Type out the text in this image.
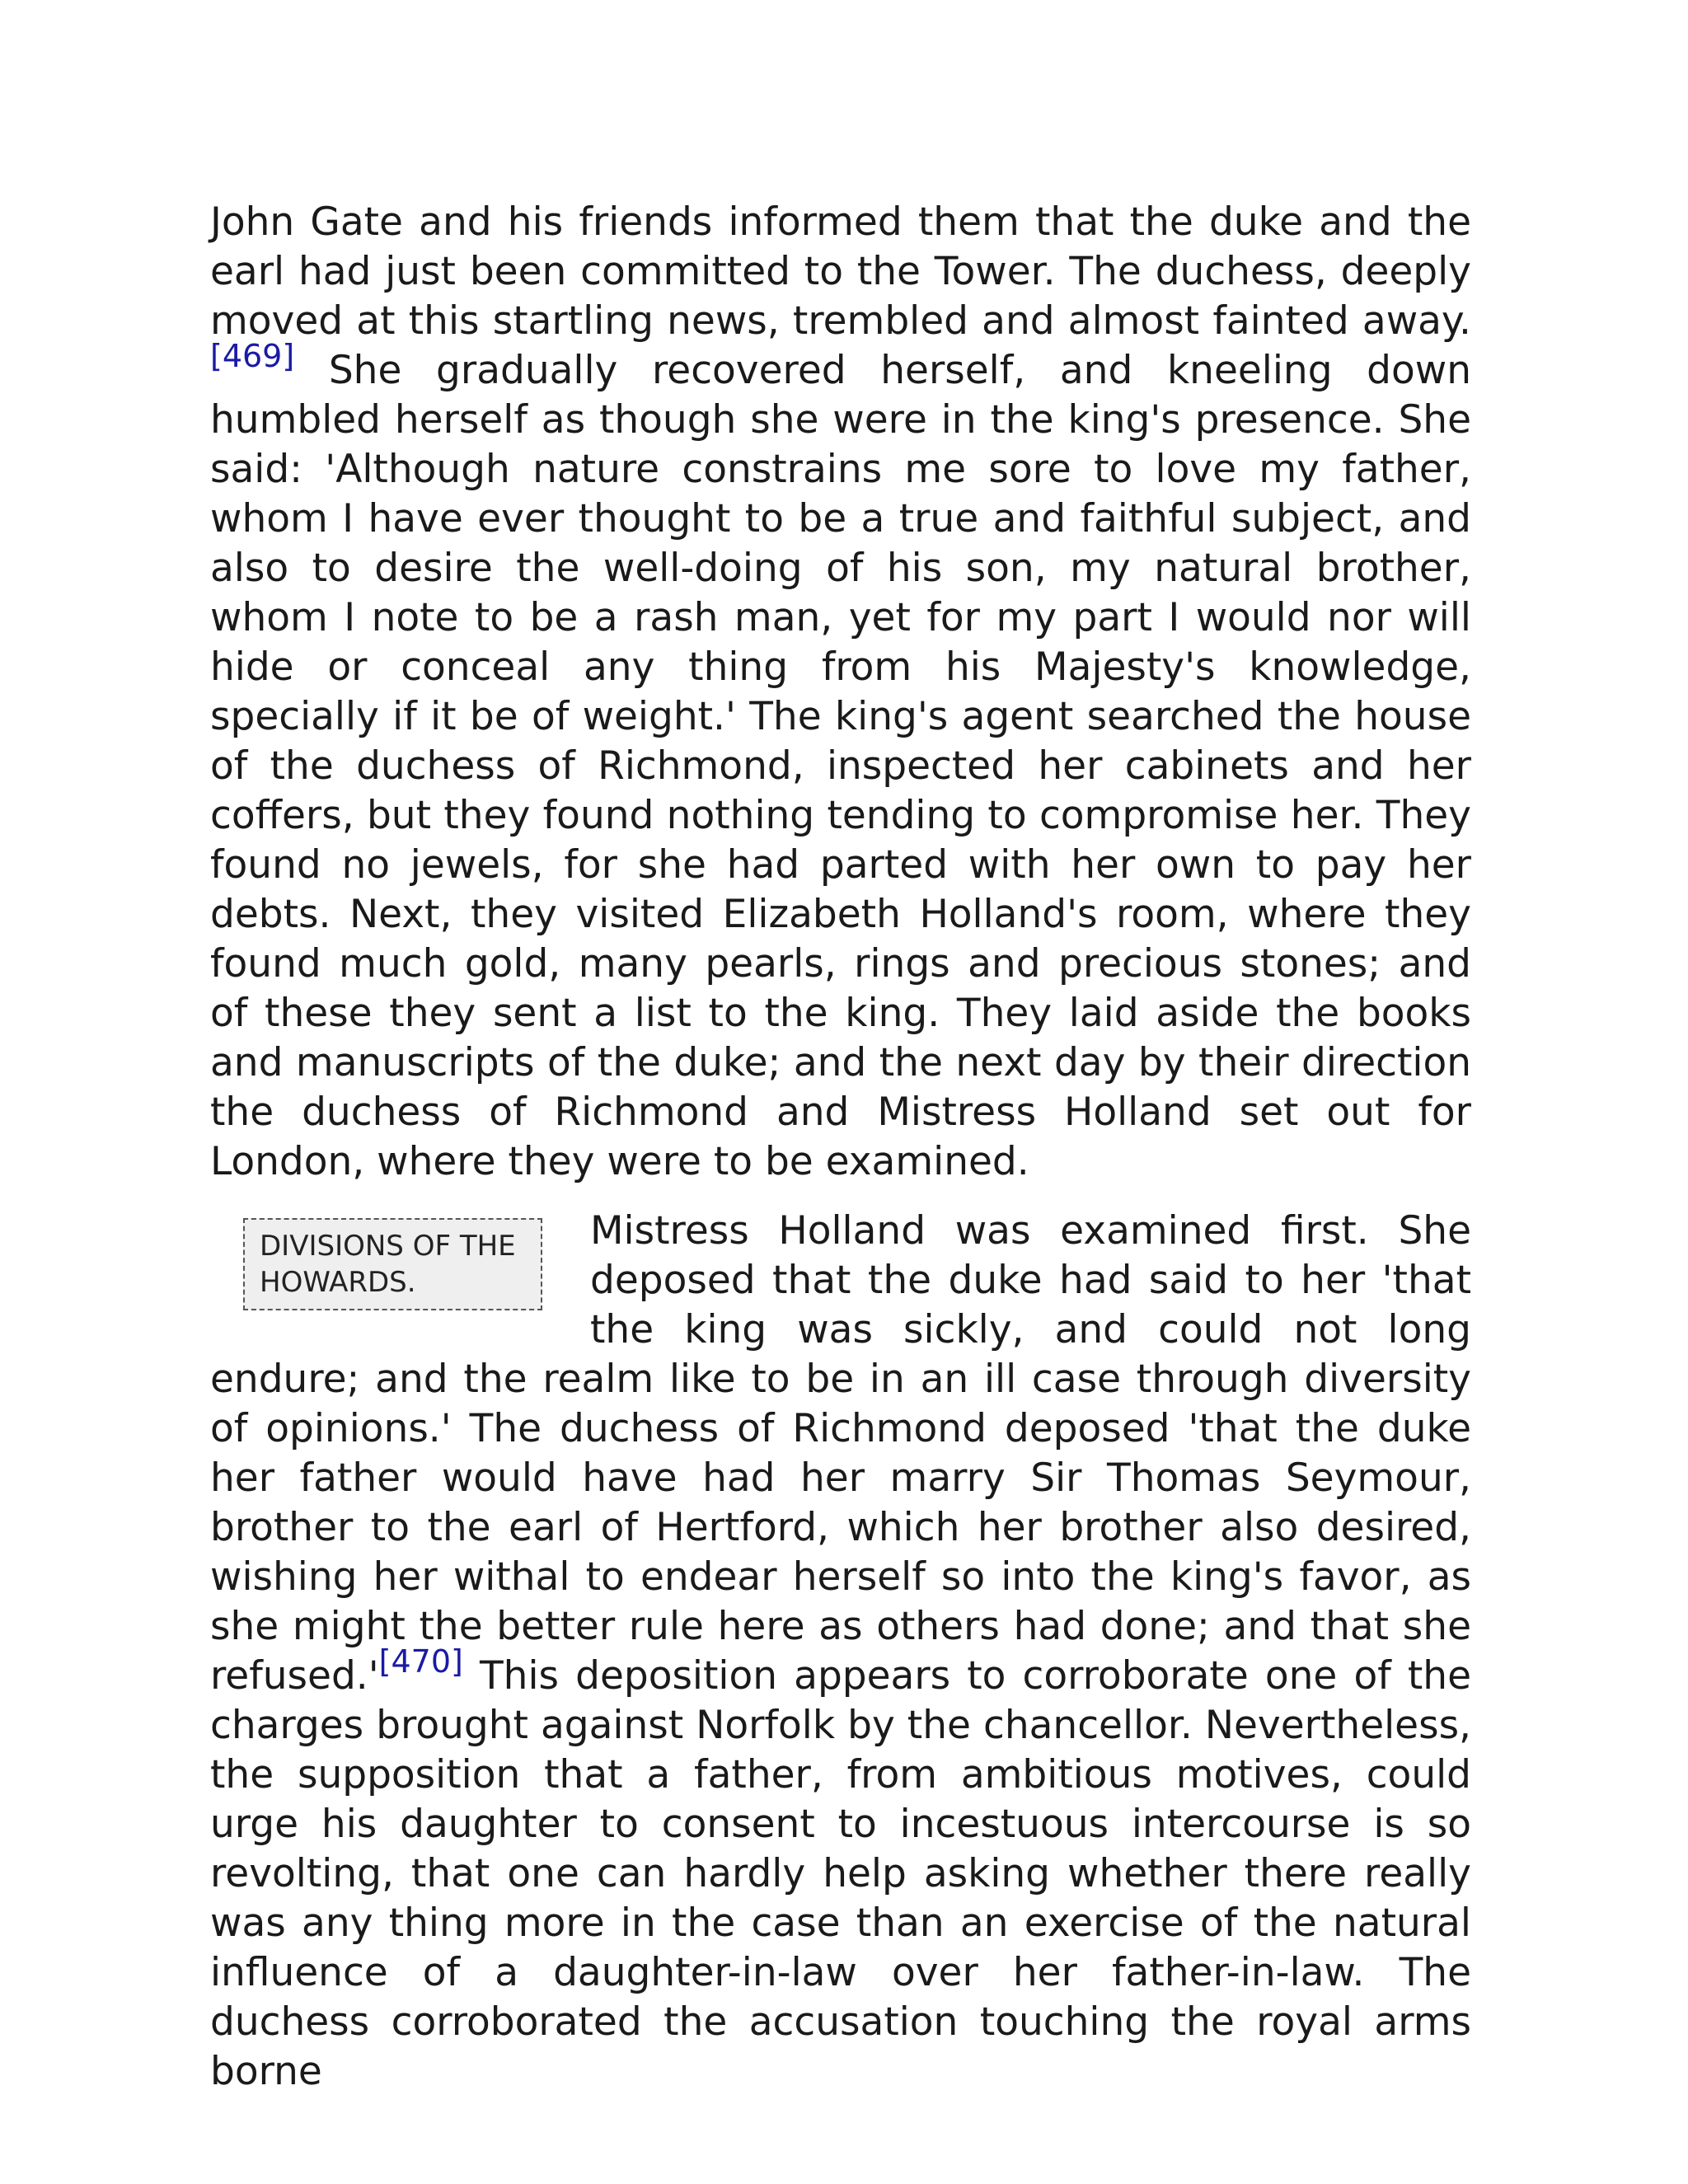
John Gate and his friends informed them that the duke and the earl had just been committed to the Tower. The duchess, deeply moved at this startling news, trembled and almost fainted away.[469] She gradually recovered herself, and kneeling down humbled herself as though she were in the king's presence. She said: 'Although nature constrains me sore to love my father, whom I have ever thought to be a true and faithful subject, and also to desire the well-doing of his son, my natural brother, whom I note to be a rash man, yet for my part I would nor will hide or conceal any thing from his Majesty's knowledge, specially if it be of weight.' The king's agent searched the house of the duchess of Richmond, inspected her cabinets and her coffers, but they found nothing tending to compromise her. They found no jewels, for she had parted with her own to pay her debts. Next, they visited Elizabeth Holland's room, where they found much gold, many pearls, rings and precious stones; and of these they sent a list to the king. They laid aside the books and manuscripts of the duke; and the next day by their direction the duchess of Richmond and Mistress Holland set out for London, where they were to be examined.

DIVISIONS OF THE HOWARDS.
Mistress Holland was examined first. She deposed that the duke had said to her 'that the king was sickly, and could not long endure; and the realm like to be in an ill case through diversity of opinions.' The duchess of Richmond deposed 'that the duke her father would have had her marry Sir Thomas Seymour, brother to the earl of Hertford, which her brother also desired, wishing her withal to endear herself so into the king's favor, as she might the better rule here as others had done; and that she refused.'[470] This deposition appears to corroborate one of the charges brought against Norfolk by the chancellor. Nevertheless, the supposition that a father, from ambitious motives, could urge his daughter to consent to incestuous intercourse is so revolting, that one can hardly help asking whether there really was any thing more in the case than an exercise of the natural influence of a daughter-in-law over her father-in-law. The duchess corroborated the accusation touching the royal arms borne
